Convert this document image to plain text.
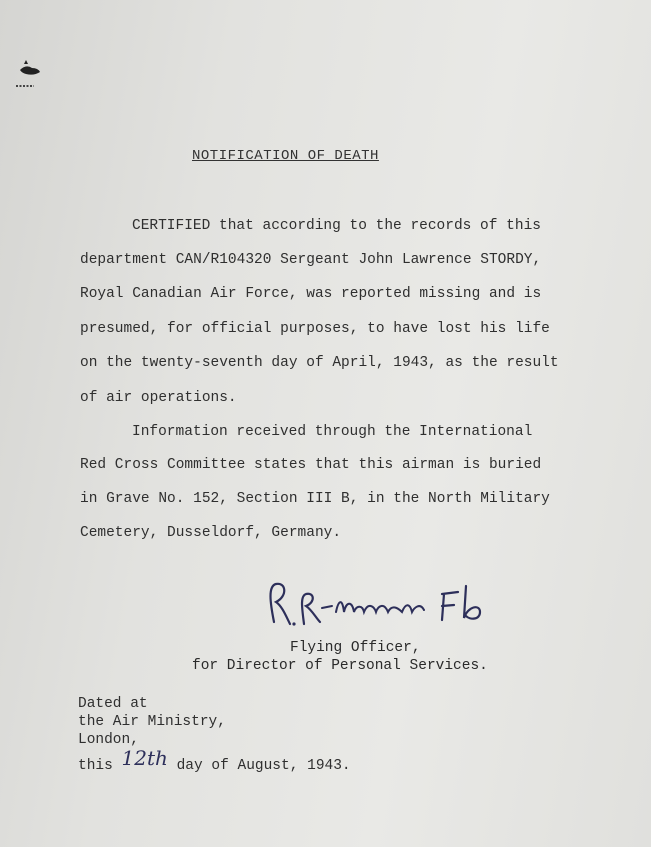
NOTIFICATION OF DEATH
CERTIFIED that according to the records of this
department CAN/R104320 Sergeant John Lawrence STORDY,
Royal Canadian Air Force, was reported missing and is
presumed, for official purposes, to have lost his life
on the twenty-seventh day of April, 1943, as the result
of air operations.
Information received through the International
Red Cross Committee states that this airman is buried
in Grave No. 152, Section III B, in the North Military
Cemetery, Dusseldorf, Germany.
Flying Officer,
for Director of Personal Services.
Dated at
the Air Ministry,
London,
this 12th day of August, 1943.
